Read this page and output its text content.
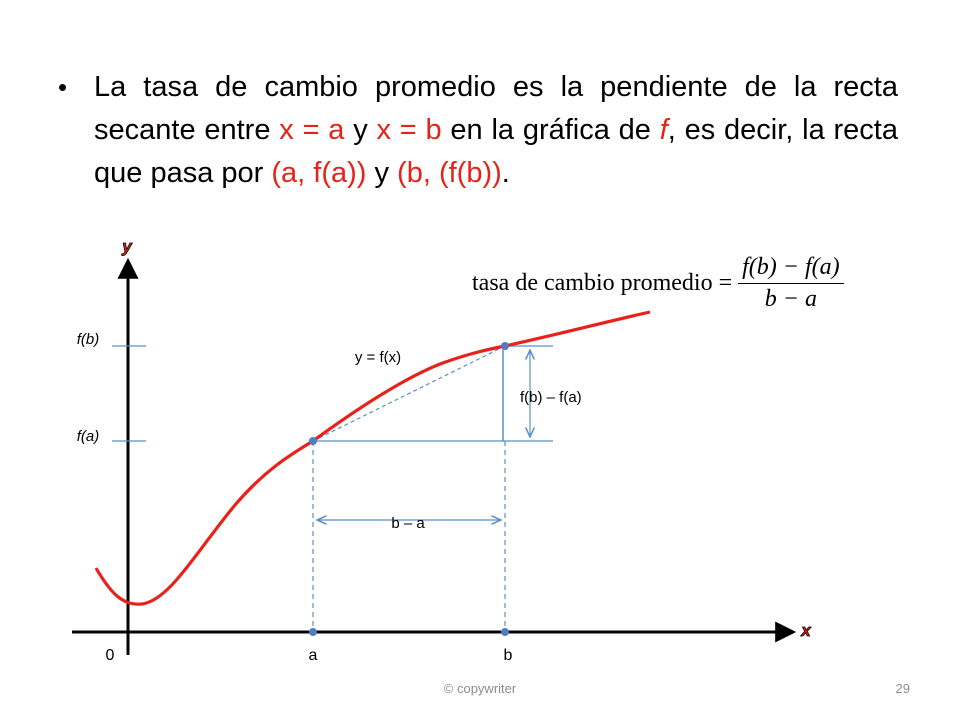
• La tasa de cambio promedio es la pendiente de la recta secante entre x = a y x = b en la gráfica de f, es decir, la recta que pasa por (a, f(a)) y (b, (f(b)).
tasa de cambio promedio = $\frac{f(b) - f(a)}{b - a}$
y
x
0	a	b
f(b)
f(a)
y = f(x)
f(b) – f(a)
b – a
© copywriter	29
